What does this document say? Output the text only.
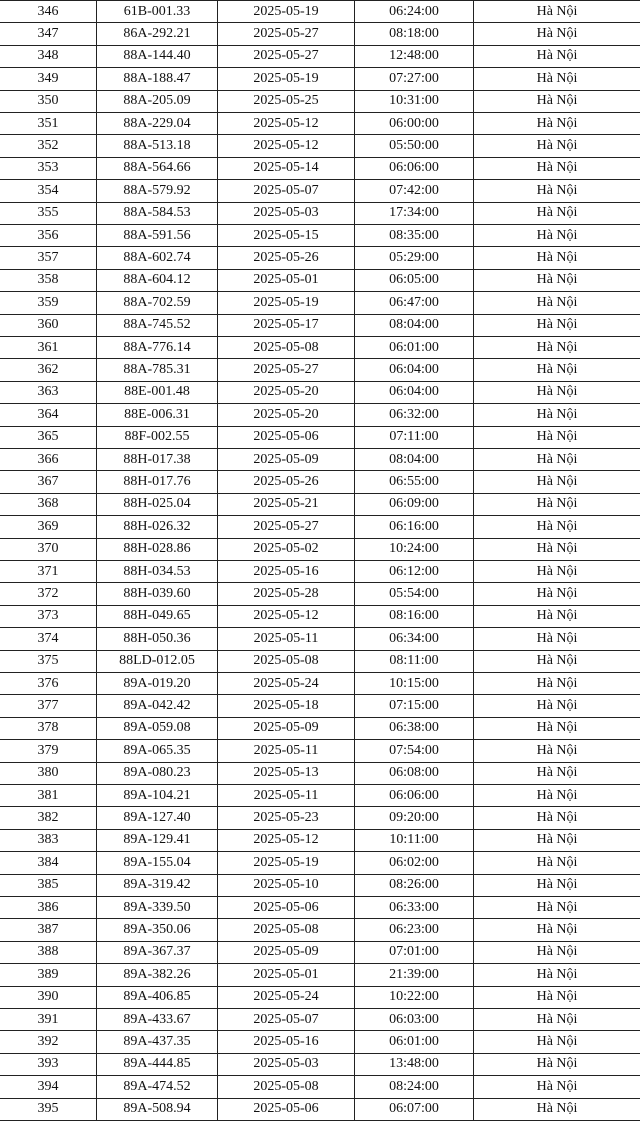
346	61B-001.33	2025-05-19	06:24:00	Hà Nội
347	86A-292.21	2025-05-27	08:18:00	Hà Nội
348	88A-144.40	2025-05-27	12:48:00	Hà Nội
349	88A-188.47	2025-05-19	07:27:00	Hà Nội
350	88A-205.09	2025-05-25	10:31:00	Hà Nội
351	88A-229.04	2025-05-12	06:00:00	Hà Nội
352	88A-513.18	2025-05-12	05:50:00	Hà Nội
353	88A-564.66	2025-05-14	06:06:00	Hà Nội
354	88A-579.92	2025-05-07	07:42:00	Hà Nội
355	88A-584.53	2025-05-03	17:34:00	Hà Nội
356	88A-591.56	2025-05-15	08:35:00	Hà Nội
357	88A-602.74	2025-05-26	05:29:00	Hà Nội
358	88A-604.12	2025-05-01	06:05:00	Hà Nội
359	88A-702.59	2025-05-19	06:47:00	Hà Nội
360	88A-745.52	2025-05-17	08:04:00	Hà Nội
361	88A-776.14	2025-05-08	06:01:00	Hà Nội
362	88A-785.31	2025-05-27	06:04:00	Hà Nội
363	88E-001.48	2025-05-20	06:04:00	Hà Nội
364	88E-006.31	2025-05-20	06:32:00	Hà Nội
365	88F-002.55	2025-05-06	07:11:00	Hà Nội
366	88H-017.38	2025-05-09	08:04:00	Hà Nội
367	88H-017.76	2025-05-26	06:55:00	Hà Nội
368	88H-025.04	2025-05-21	06:09:00	Hà Nội
369	88H-026.32	2025-05-27	06:16:00	Hà Nội
370	88H-028.86	2025-05-02	10:24:00	Hà Nội
371	88H-034.53	2025-05-16	06:12:00	Hà Nội
372	88H-039.60	2025-05-28	05:54:00	Hà Nội
373	88H-049.65	2025-05-12	08:16:00	Hà Nội
374	88H-050.36	2025-05-11	06:34:00	Hà Nội
375	88LD-012.05	2025-05-08	08:11:00	Hà Nội
376	89A-019.20	2025-05-24	10:15:00	Hà Nội
377	89A-042.42	2025-05-18	07:15:00	Hà Nội
378	89A-059.08	2025-05-09	06:38:00	Hà Nội
379	89A-065.35	2025-05-11	07:54:00	Hà Nội
380	89A-080.23	2025-05-13	06:08:00	Hà Nội
381	89A-104.21	2025-05-11	06:06:00	Hà Nội
382	89A-127.40	2025-05-23	09:20:00	Hà Nội
383	89A-129.41	2025-05-12	10:11:00	Hà Nội
384	89A-155.04	2025-05-19	06:02:00	Hà Nội
385	89A-319.42	2025-05-10	08:26:00	Hà Nội
386	89A-339.50	2025-05-06	06:33:00	Hà Nội
387	89A-350.06	2025-05-08	06:23:00	Hà Nội
388	89A-367.37	2025-05-09	07:01:00	Hà Nội
389	89A-382.26	2025-05-01	21:39:00	Hà Nội
390	89A-406.85	2025-05-24	10:22:00	Hà Nội
391	89A-433.67	2025-05-07	06:03:00	Hà Nội
392	89A-437.35	2025-05-16	06:01:00	Hà Nội
393	89A-444.85	2025-05-03	13:48:00	Hà Nội
394	89A-474.52	2025-05-08	08:24:00	Hà Nội
395	89A-508.94	2025-05-06	06:07:00	Hà Nội
